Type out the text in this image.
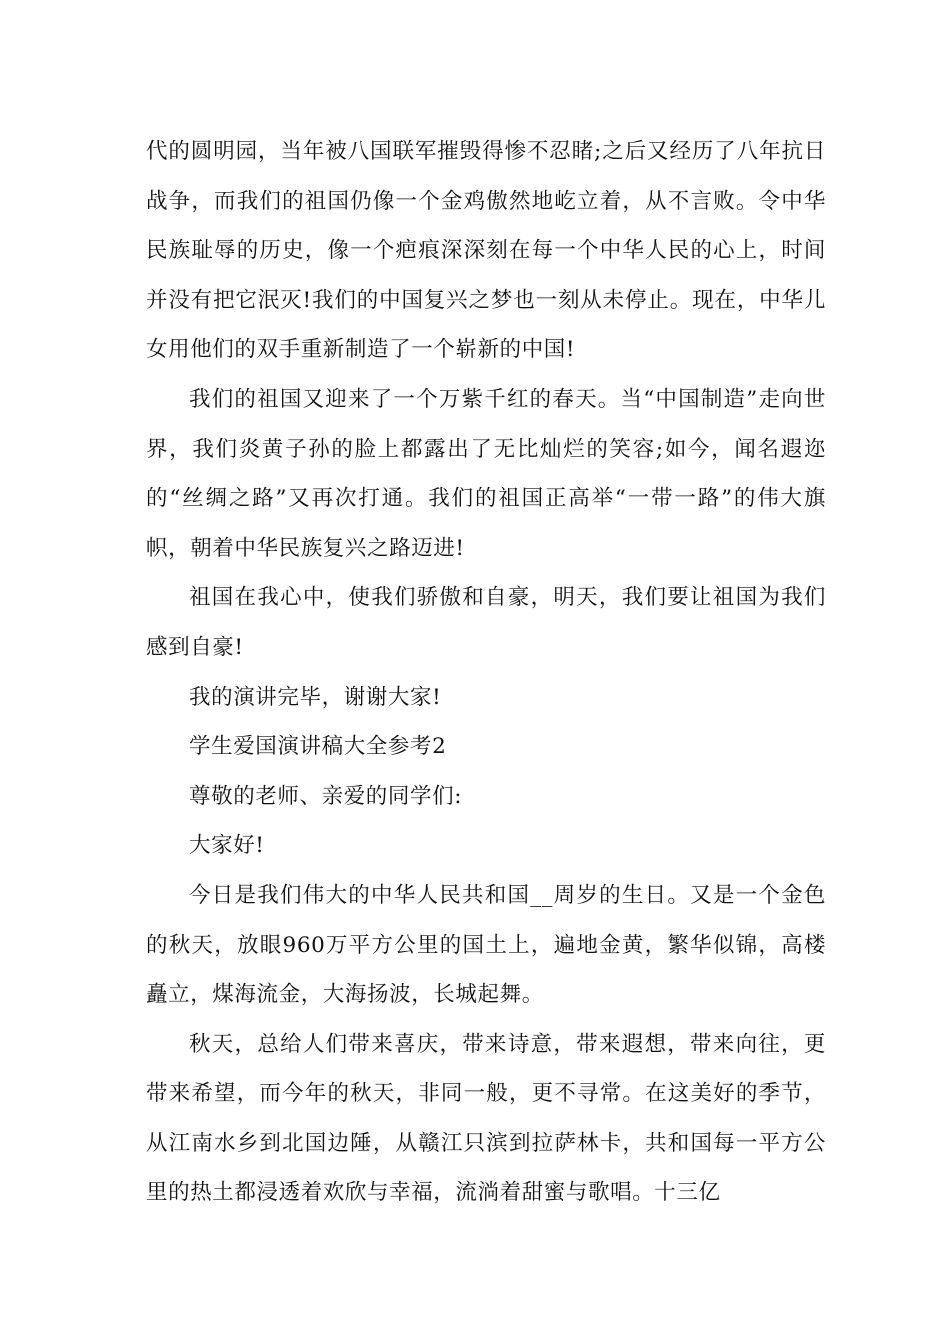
代的圆明园，当年被八国联军摧毁得惨不忍睹;之后又经历了八年抗日战争，而我们的祖国仍像一个金鸡傲然地屹立着，从不言败。令中华民族耻辱的历史，像一个疤痕深深刻在每一个中华人民的心上，时间并没有把它泯灭!我们的中国复兴之梦也一刻从未停止。现在，中华儿女用他们的双手重新制造了一个崭新的中国!

我们的祖国又迎来了一个万紫千红的春天。当“中国制造”走向世界，我们炎黄子孙的脸上都露出了无比灿烂的笑容;如今，闻名遐迩的“丝绸之路”又再次打通。我们的祖国正高举“一带一路”的伟大旗帜，朝着中华民族复兴之路迈进!

祖国在我心中，使我们骄傲和自豪，明天，我们要让祖国为我们感到自豪!

我的演讲完毕，谢谢大家!

学生爱国演讲稿大全参考2

尊敬的老师、亲爱的同学们:

大家好!

今日是我们伟大的中华人民共和国__周岁的生日。又是一个金色的秋天，放眼960万平方公里的国土上，遍地金黄，繁华似锦，高楼矗立，煤海流金，大海扬波，长城起舞。

秋天，总给人们带来喜庆，带来诗意，带来遐想，带来向往，更带来希望，而今年的秋天，非同一般，更不寻常。在这美好的季节，从江南水乡到北国边陲，从赣江只滨到拉萨林卡，共和国每一平方公里的热土都浸透着欢欣与幸福，流淌着甜蜜与歌唱。十三亿
